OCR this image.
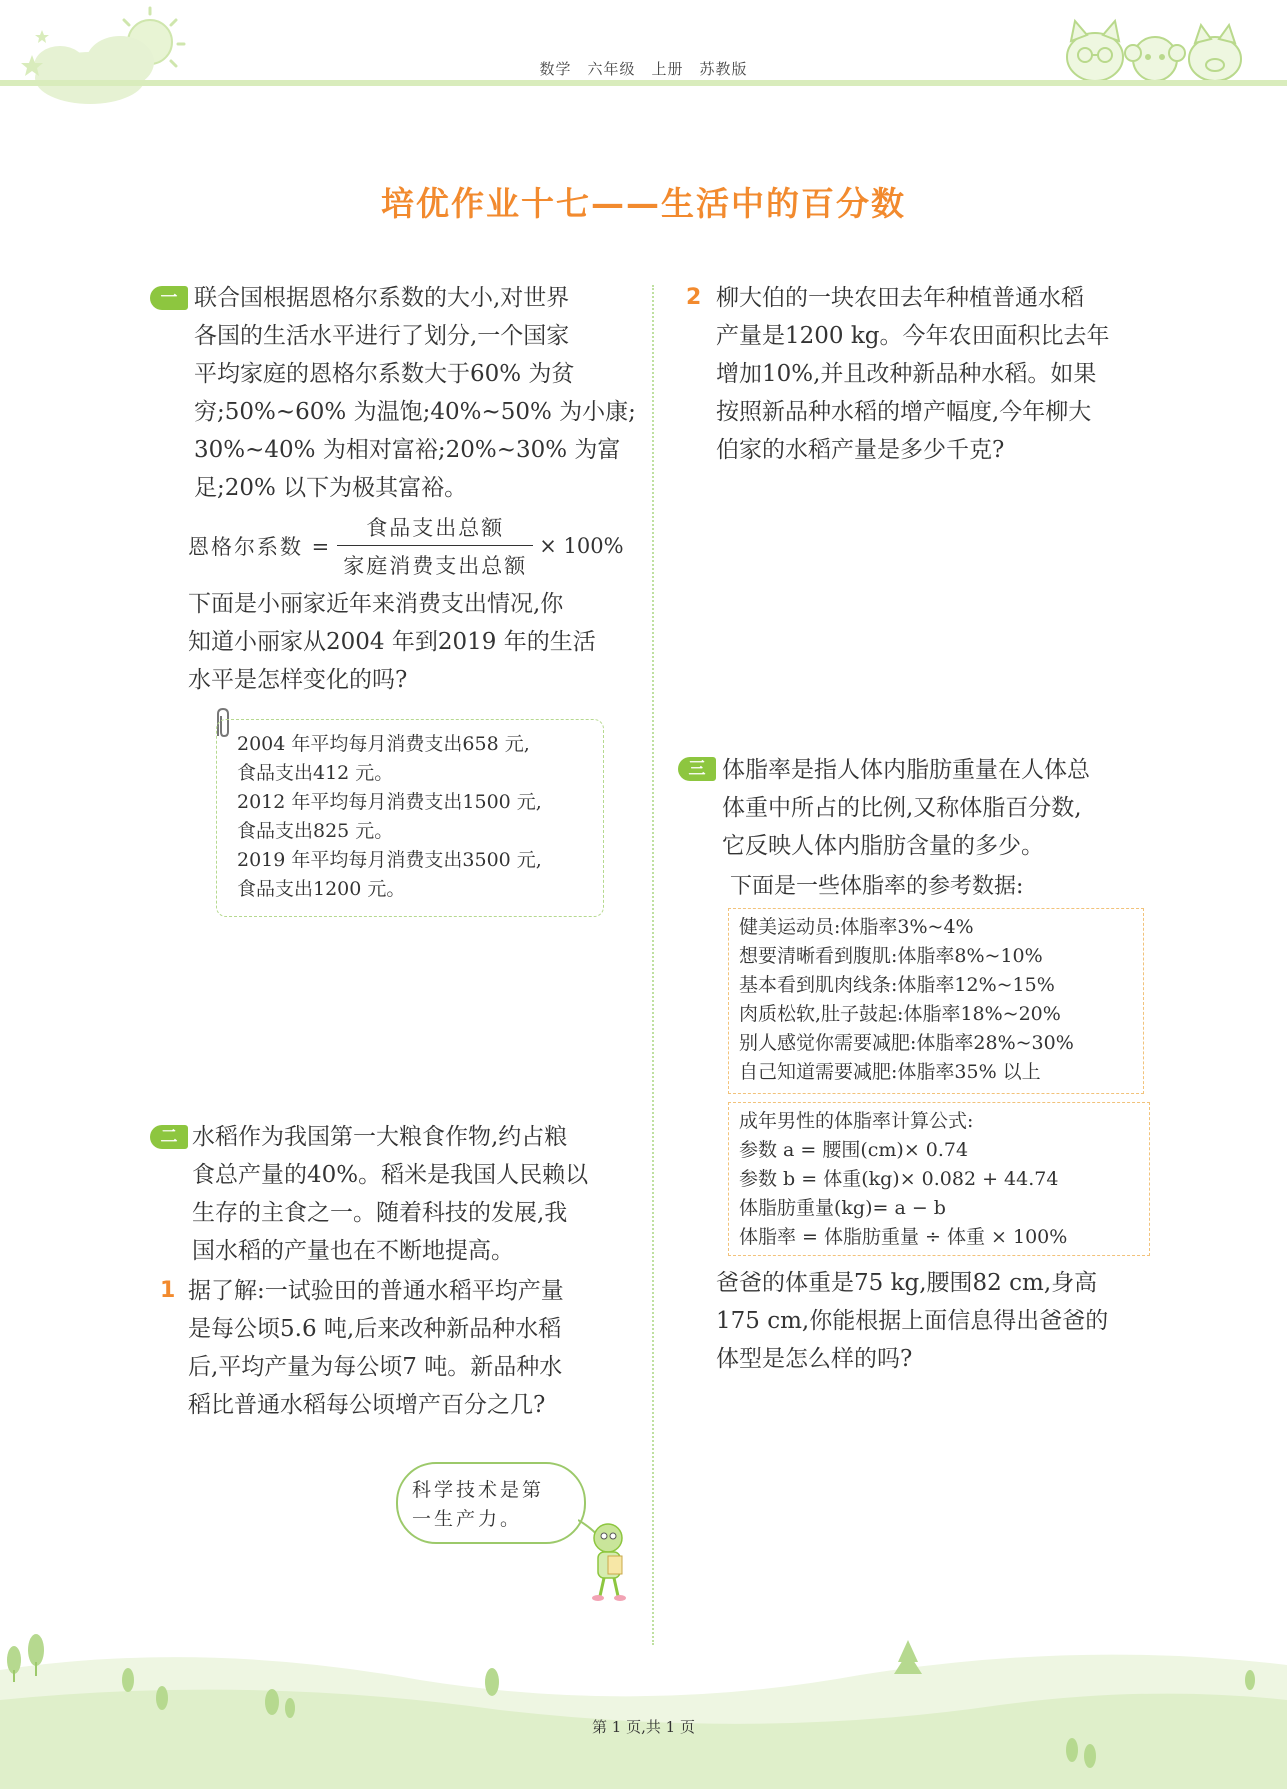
数学 六年级 上册 苏教版
培优作业十七——生活中的百分数
一 联合国根据恩格尔系数的大小,对世界
各国的生活水平进行了划分,一个国家
平均家庭的恩格尔系数大于60% 为贫
穷;50%~60% 为温饱;40%~50% 为小康;
30%~40% 为相对富裕;20%~30% 为富
足;20% 以下为极其富裕。
恩格尔系数 = $\frac{\text{食品支出总额}}{\text{家庭消费支出总额}} \times 100\%$
下面是小丽家近年来消费支出情况,你
知道小丽家从2004 年到2019 年的生活
水平是怎样变化的吗?
2004 年平均每月消费支出658 元,
食品支出412 元。
2012 年平均每月消费支出1500 元,
食品支出825 元。
2019 年平均每月消费支出3500 元,
食品支出1200 元。
二 水稻作为我国第一大粮食作物,约占粮
食总产量的40%。稻米是我国人民赖以
生存的主食之一。随着科技的发展,我
国水稻的产量也在不断地提高。
1 据了解:一试验田的普通水稻平均产量
是每公顷5.6 吨,后来改种新品种水稻
后,平均产量为每公顷7 吨。新品种水
稻比普通水稻每公顷增产百分之几?
科学技术是第
一生产力。
2 柳大伯的一块农田去年种植普通水稻
产量是1200 kg。今年农田面积比去年
增加10%,并且改种新品种水稻。如果
按照新品种水稻的增产幅度,今年柳大
伯家的水稻产量是多少千克?
三 体脂率是指人体内脂肪重量在人体总
体重中所占的比例,又称体脂百分数,
它反映人体内脂肪含量的多少。
下面是一些体脂率的参考数据:
健美运动员:体脂率3%~4%
想要清晰看到腹肌:体脂率8%~10%
基本看到肌肉线条:体脂率12%~15%
肉质松软,肚子鼓起:体脂率18%~20%
别人感觉你需要减肥:体脂率28%~30%
自己知道需要减肥:体脂率35% 以上
成年男性的体脂率计算公式:
参数 a = 腰围(cm)× 0.74
参数 b = 体重(kg)× 0.082 + 44.74
体脂肪重量(kg)= a − b
体脂率 = 体脂肪重量 ÷ 体重 × 100%
爸爸的体重是75 kg,腰围82 cm,身高
175 cm,你能根据上面信息得出爸爸的
体型是怎么样的吗?
第 1 页,共 1 页
